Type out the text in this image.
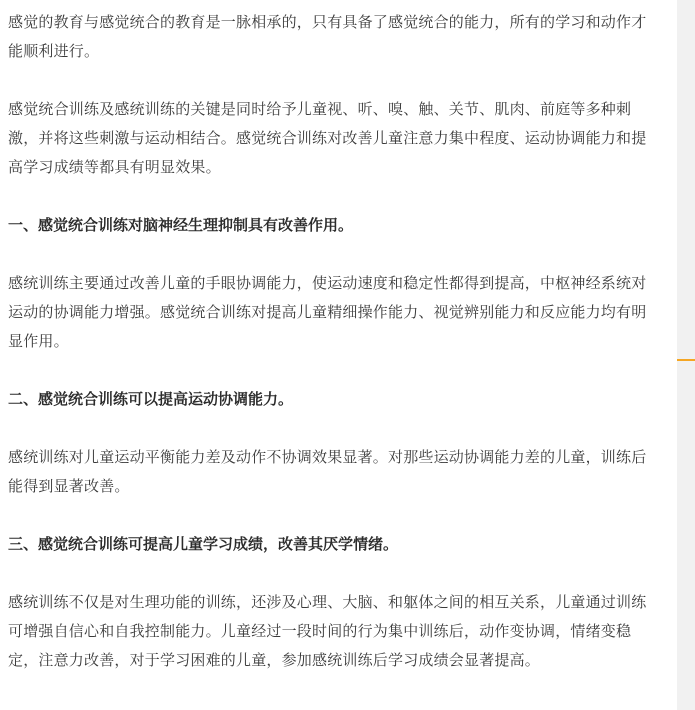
感觉的教育与感觉统合的教育是一脉相承的，只有具备了感觉统合的能力，所有的学习和动作才能顺利进行。

感觉统合训练及感统训练的关键是同时给予儿童视、听、嗅、触、关节、肌肉、前庭等多种刺激，并将这些刺激与运动相结合。感觉统合训练对改善儿童注意力集中程度、运动协调能力和提高学习成绩等都具有明显效果。

一、感觉统合训练对脑神经生理抑制具有改善作用。

感统训练主要通过改善儿童的手眼协调能力，使运动速度和稳定性都得到提高，中枢神经系统对运动的协调能力增强。感觉统合训练对提高儿童精细操作能力、视觉辨别能力和反应能力均有明显作用。

二、感觉统合训练可以提高运动协调能力。

感统训练对儿童运动平衡能力差及动作不协调效果显著。对那些运动协调能力差的儿童，训练后能得到显著改善。

三、感觉统合训练可提高儿童学习成绩，改善其厌学情绪。

感统训练不仅是对生理功能的训练，还涉及心理、大脑、和躯体之间的相互关系，儿童通过训练可增强自信心和自我控制能力。儿童经过一段时间的行为集中训练后，动作变协调，情绪变稳定，注意力改善，对于学习困难的儿童，参加感统训练后学习成绩会显著提高。
